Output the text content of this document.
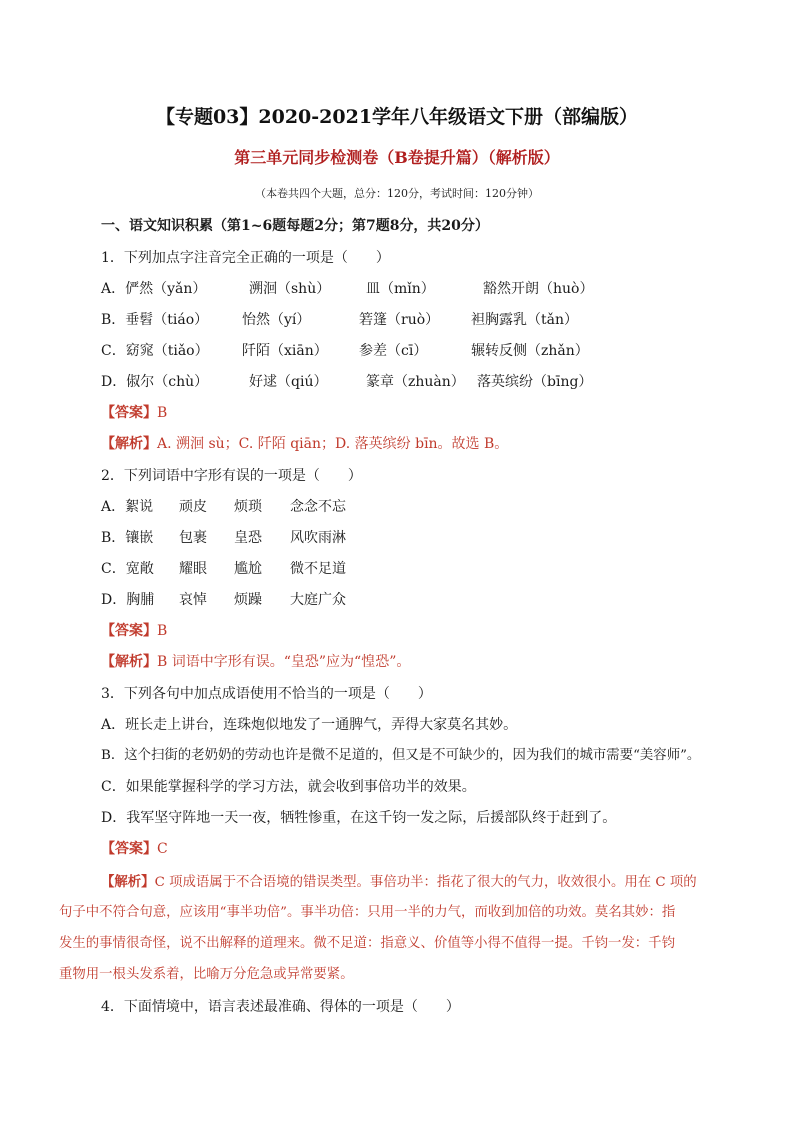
【专题03】2020-2021学年八年级语文下册（部编版）
第三单元同步检测卷（B卷提升篇）（解析版）
（本卷共四个大题，总分：120分，考试时间：120分钟）
一、语文知识积累（第1~6题每题2分；第7题8分，共20分）
1．下列加点字注音完全正确的一项是（　　）
A．俨然（yǎn）	溯洄（shù）	皿（mǐn）	豁然开朗（huò）
B．垂髫（tiáo） 怡然（yí）	箬篷（ruò） 袒胸露乳（tǎn）
C．窈窕（tiǎo） 阡陌（xiān） 参差（cī）	辗转反侧（zhǎn）
D．俶尔（chù）	好逑（qiú）	篆章（zhuàn） 落英缤纷（bīng）
【答案】B
【解析】A. 溯洄 sù；C. 阡陌 qiān；D. 落英缤纷 bīn。故选 B。
2．下列词语中字形有误的一项是（　　）
A．絮说 顽皮 烦琐 念念不忘
B．镶嵌 包裹 皇恐 风吹雨淋
C．宽敞 耀眼 尴尬 微不足道
D．胸脯 哀悼 烦躁 大庭广众
【答案】B
【解析】B 词语中字形有误。“皇恐”应为“惶恐”。
3．下列各句中加点成语使用不恰当的一项是（　　）
A．班长走上讲台，连珠炮似地发了一通脾气，弄得大家莫名其妙。
B．这个扫街的老奶奶的劳动也许是微不足道的，但又是不可缺少的，因为我们的城市需要“美容师”。
C．如果能掌握科学的学习方法，就会收到事倍功半的效果。
D．我军坚守阵地一天一夜，牺牲惨重，在这千钧一发之际，后援部队终于赶到了。
【答案】C
【解析】C 项成语属于不合语境的错误类型。事倍功半：指花了很大的气力，收效很小。用在 C 项的
句子中不符合句意，应该用“事半功倍”。事半功倍：只用一半的力气，而收到加倍的功效。莫名其妙：指
发生的事情很奇怪，说不出解释的道理来。微不足道：指意义、价值等小得不值得一提。千钧一发：千钧
重物用一根头发系着，比喻万分危急或异常要紧。
4．下面情境中，语言表述最准确、得体的一项是（　　）
